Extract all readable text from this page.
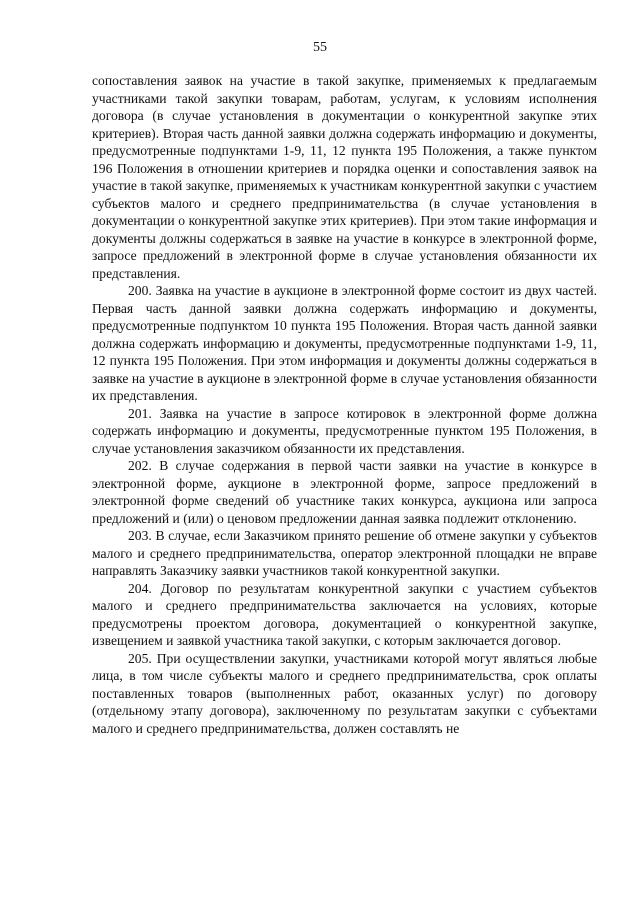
55

сопоставления заявок на участие в такой закупке, применяемых к предлагаемым участниками такой закупки товарам, работам, услугам, к условиям исполнения договора (в случае установления в документации о конкурентной закупке этих критериев). Вторая часть данной заявки должна содержать информацию и документы, предусмотренные подпунктами 1-9, 11, 12 пункта 195 Положения, а также пунктом 196 Положения в отношении критериев и порядка оценки и сопоставления заявок на участие в такой закупке, применяемых к участникам конкурентной закупки с участием субъектов малого и среднего предпринимательства (в случае установления в документации о конкурентной закупке этих критериев). При этом такие информация и документы должны содержаться в заявке на участие в конкурсе в электронной форме, запросе предложений в электронной форме в случае установления обязанности их представления.

200. Заявка на участие в аукционе в электронной форме состоит из двух частей. Первая часть данной заявки должна содержать информацию и документы, предусмотренные подпунктом 10 пункта 195 Положения. Вторая часть данной заявки должна содержать информацию и документы, предусмотренные подпунктами 1-9, 11, 12 пункта 195 Положения. При этом информация и документы должны содержаться в заявке на участие в аукционе в электронной форме в случае установления обязанности их представления.

201. Заявка на участие в запросе котировок в электронной форме должна содержать информацию и документы, предусмотренные пунктом 195 Положения, в случае установления заказчиком обязанности их представления.

202. В случае содержания в первой части заявки на участие в конкурсе в электронной форме, аукционе в электронной форме, запросе предложений в электронной форме сведений об участнике таких конкурса, аукциона или запроса предложений и (или) о ценовом предложении данная заявка подлежит отклонению.

203. В случае, если Заказчиком принято решение об отмене закупки у субъектов малого и среднего предпринимательства, оператор электронной площадки не вправе направлять Заказчику заявки участников такой конкурентной закупки.

204. Договор по результатам конкурентной закупки с участием субъектов малого и среднего предпринимательства заключается на условиях, которые предусмотрены проектом договора, документацией о конкурентной закупке, извещением и заявкой участника такой закупки, с которым заключается договор.

205. При осуществлении закупки, участниками которой могут являться любые лица, в том числе субъекты малого и среднего предпринимательства, срок оплаты поставленных товаров (выполненных работ, оказанных услуг) по договору (отдельному этапу договора), заключенному по результатам закупки с субъектами малого и среднего предпринимательства, должен составлять не
